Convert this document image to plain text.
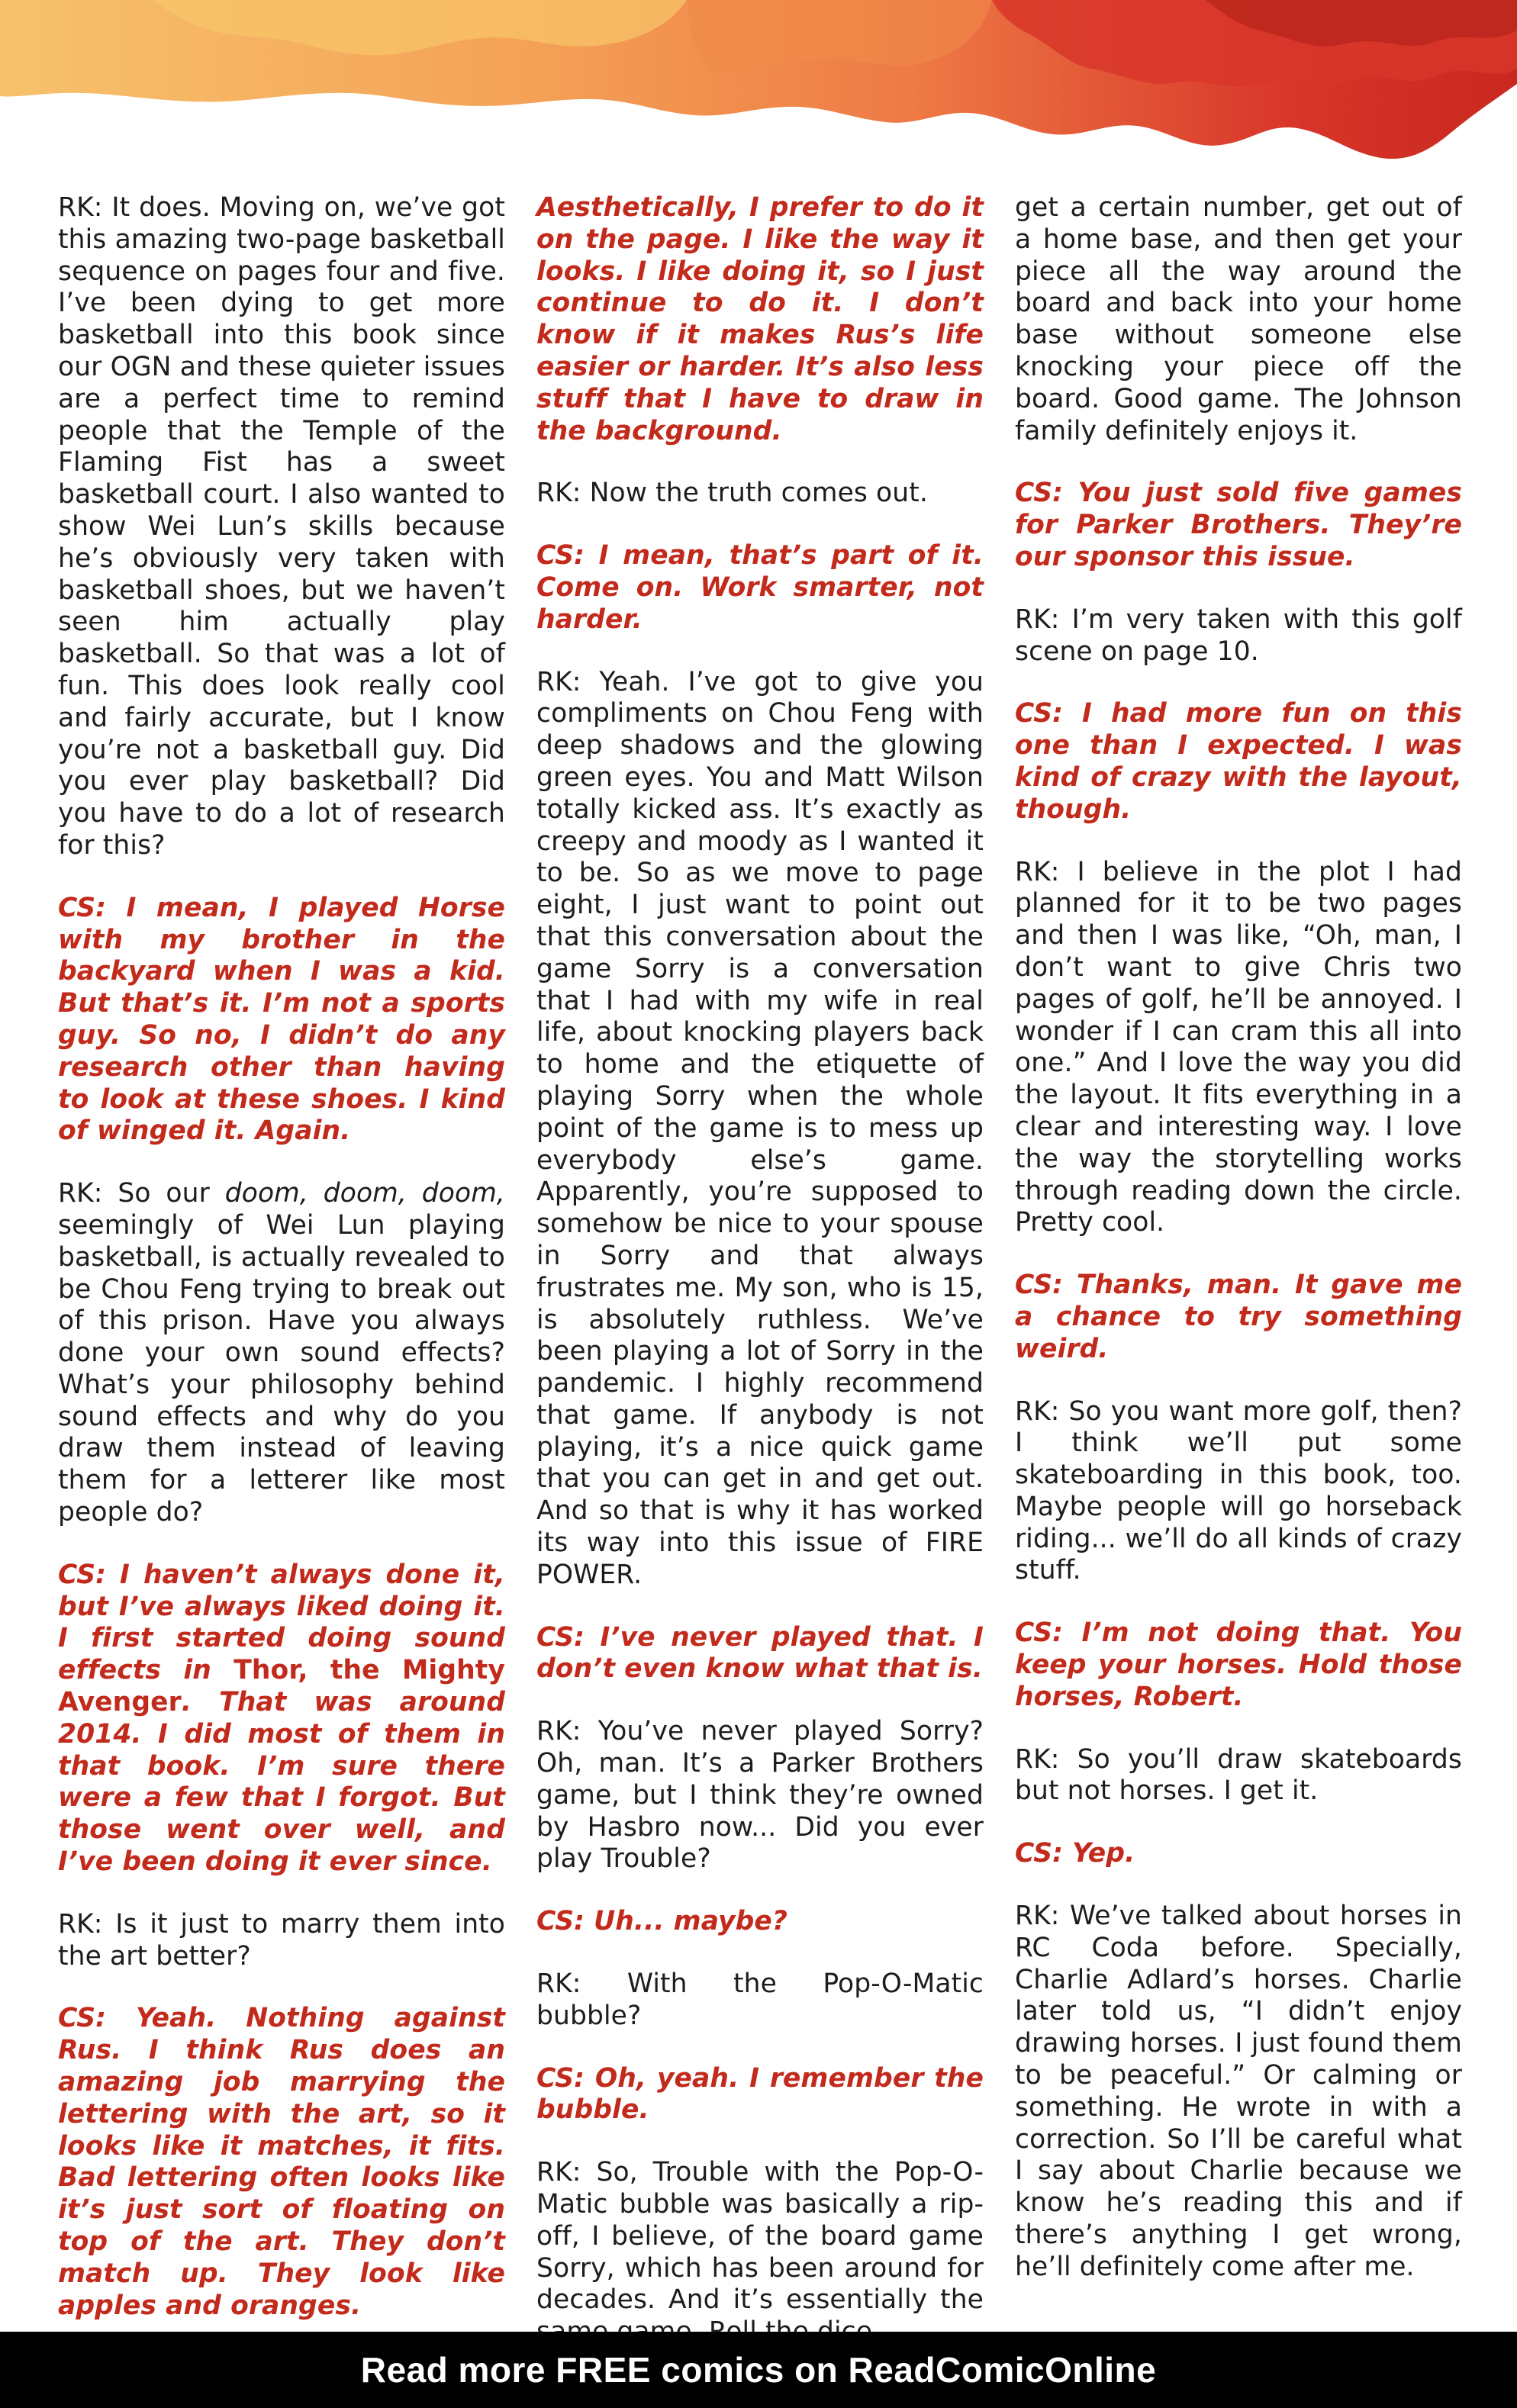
RK: It does. Moving on, we’ve got this amazing two-page basketball sequence on pages four and five. I’ve been dying to get more basketball into this book since our OGN and these quieter issues are a perfect time to remind people that the Temple of the Flaming Fist has a sweet basketball court. I also wanted to show Wei Lun’s skills because he’s obviously very taken with basketball shoes, but we haven’t seen him actually play basketball. So that was a lot of fun. This does look really cool and fairly accurate, but I know you’re not a basketball guy. Did you ever play basketball? Did you have to do a lot of research for this?

CS: I mean, I played Horse with my brother in the backyard when I was a kid. But that’s it. I’m not a sports guy. So no, I didn’t do any research other than having to look at these shoes. I kind of winged it. Again.

RK: So our doom, doom, doom, seemingly of Wei Lun playing basketball, is actually revealed to be Chou Feng trying to break out of this prison. Have you always done your own sound effects? What’s your philosophy behind sound effects and why do you draw them instead of leaving them for a letterer like most people do?

CS: I haven’t always done it, but I’ve always liked doing it. I first started doing sound effects in Thor, the Mighty Avenger. That was around 2014. I did most of them in that book. I’m sure there were a few that I forgot. But those went over well, and I’ve been doing it ever since.

RK: Is it just to marry them into the art better?

CS: Yeah. Nothing against Rus. I think Rus does an amazing job marrying the lettering with the art, so it looks like it matches, it fits. Bad lettering often looks like it’s just sort of floating on top of the art. They don’t match up. They look like apples and oranges.

Aesthetically, I prefer to do it on the page. I like the way it looks. I like doing it, so I just continue to do it. I don’t know if it makes Rus’s life easier or harder. It’s also less stuff that I have to draw in the background.

RK: Now the truth comes out.

CS: I mean, that’s part of it. Come on. Work smarter, not harder.

RK: Yeah. I’ve got to give you compliments on Chou Feng with deep shadows and the glowing green eyes. You and Matt Wilson totally kicked ass. It’s exactly as creepy and moody as I wanted it to be. So as we move to page eight, I just want to point out that this conversation about the game Sorry is a conversation that I had with my wife in real life, about knocking players back to home and the etiquette of playing Sorry when the whole point of the game is to mess up everybody else’s game. Apparently, you’re supposed to somehow be nice to your spouse in Sorry and that always frustrates me. My son, who is 15, is absolutely ruthless. We’ve been playing a lot of Sorry in the pandemic. I highly recommend that game. If anybody is not playing, it’s a nice quick game that you can get in and get out. And so that is why it has worked its way into this issue of FIRE POWER.

CS: I’ve never played that. I don’t even know what that is.

RK: You’ve never played Sorry? Oh, man. It’s a Parker Brothers game, but I think they’re owned by Hasbro now... Did you ever play Trouble?

CS: Uh... maybe?

RK: With the Pop-O-Matic bubble?

CS: Oh, yeah. I remember the bubble.

RK: So, Trouble with the Pop-O-Matic bubble was basically a rip-off, I believe, of the board game Sorry, which has been around for decades. And it’s essentially the

get a certain number, get out of a home base, and then get your piece all the way around the board and back into your home base without someone else knocking your piece off the board. Good game. The Johnson family definitely enjoys it.

CS: You just sold five games for Parker Brothers. They’re our sponsor this issue.

RK: I’m very taken with this golf scene on page 10.

CS: I had more fun on this one than I expected. I was kind of crazy with the layout, though.

RK: I believe in the plot I had planned for it to be two pages and then I was like, “Oh, man, I don’t want to give Chris two pages of golf, he’ll be annoyed. I wonder if I can cram this all into one.” And I love the way you did the layout. It fits everything in a clear and interesting way. I love the way the storytelling works through reading down the circle. Pretty cool.

CS: Thanks, man. It gave me a chance to try something weird.

RK: So you want more golf, then? I think we’ll put some skateboarding in this book, too. Maybe people will go horseback riding... we’ll do all kinds of crazy stuff.

CS: I’m not doing that. You keep your horses. Hold those horses, Robert.

RK: So you’ll draw skateboards but not horses. I get it.

CS: Yep.

RK: We’ve talked about horses in RC Coda before. Specially, Charlie Adlard’s horses. Charlie later told us, “I didn’t enjoy drawing horses. I just found them to be peaceful.” Or calming or something. He wrote in with a correction. So I’ll be careful what I say about Charlie because we know he’s reading this and if there’s anything I get wrong, he’ll definitely come after me.

Read more FREE comics on ReadComicOnline
